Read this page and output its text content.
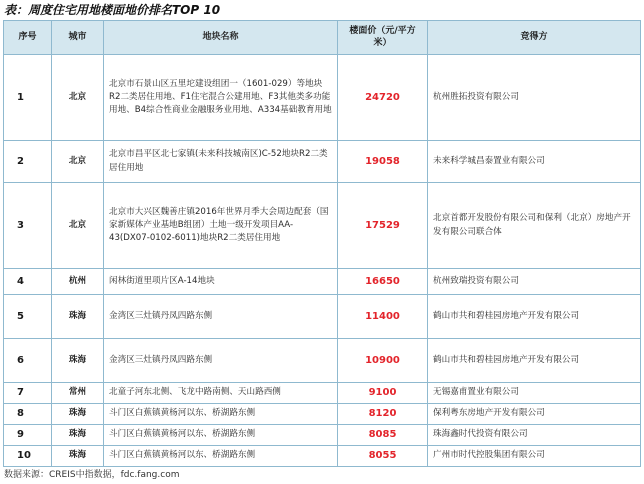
表：周度住宅用地楼面地价排名TOP 10
序号	城市	地块名称	楼面价（元/平方米）	竞得方
1	北京	北京市石景山区五里坨建设组团一（1601-029）等地块R2二类居住用地、F1住宅混合公建用地、F3其他类多功能用地、B4综合性商业金融服务业用地、A334基础教育用地	24720	杭州胜拓投资有限公司
2	北京	北京市昌平区北七家镇(未来科技城南区)C-52地块R2二类居住用地	19058	未来科学城昌泰置业有限公司
3	北京	北京市大兴区魏善庄镇2016年世界月季大会周边配套（国家新媒体产业基地B组团）土地一级开发项目AA-43(DX07-0102-6011)地块R2二类居住用地	17529	北京首都开发股份有限公司和保利（北京）房地产开发有限公司联合体
4	杭州	闲林街道里项片区A-14地块	16650	杭州致瑞投资有限公司
5	珠海	金湾区三灶镇丹凤四路东侧	11400	鹤山市共和碧桂园房地产开发有限公司
6	珠海	金湾区三灶镇丹凤四路东侧	10900	鹤山市共和碧桂园房地产开发有限公司
7	常州	北童子河东北侧、飞龙中路南侧、天山路西侧	9100	无锡嘉甫置业有限公司
8	珠海	斗门区白蕉镇黄杨河以东、桥湖路东侧	8120	保利粤东房地产开发有限公司
9	珠海	斗门区白蕉镇黄杨河以东、桥湖路东侧	8085	珠海鑫时代投资有限公司
10	珠海	斗门区白蕉镇黄杨河以东、桥湖路东侧	8055	广州市时代控股集团有限公司
数据来源：CREIS中指数据，fdc.fang.com
